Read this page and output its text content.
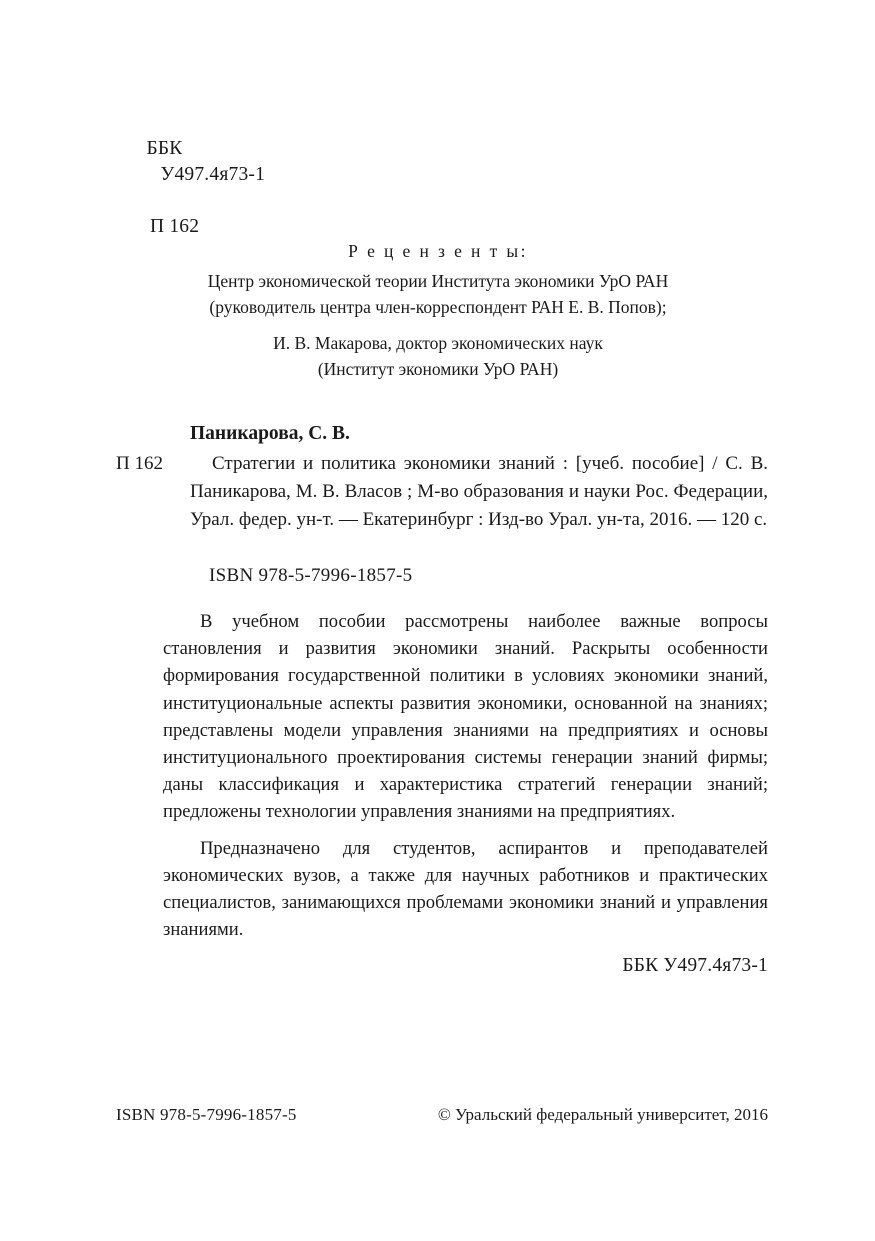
ББК
У497.4я73-1

П 162
Р е ц е н з е н т ы:
Центр экономической теории Института экономики УрО РАН
(руководитель центра член-корреспондент РАН Е. В. Попов);
И. В. Макарова, доктор экономических наук
(Институт экономики УрО РАН)
Паникарова, С. В.
П 162	Стратегии и политика экономики знаний : [учеб. пособие] / С. В. Паникарова, М. В. Власов ; М-во образования и науки Рос. Федерации, Урал. федер. ун-т. — Екатеринбург : Изд-во Урал. ун-та, 2016. — 120 с.
ISBN 978-5-7996-1857-5

В учебном пособии рассмотрены наиболее важные вопросы становления и развития экономики знаний. Раскрыты особенности формирования государственной политики в условиях экономики знаний, институциональные аспекты развития экономики, основанной на знаниях; представлены модели управления знаниями на предприятиях и основы институционального проектирования системы генерации знаний фирмы; даны классификация и характеристика стратегий генерации знаний; предложены технологии управления знаниями на предприятиях.

Предназначено для студентов, аспирантов и преподавателей экономических вузов, а также для научных работников и практических специалистов, занимающихся проблемами экономики знаний и управления знаниями.

ББК У497.4я73-1
ISBN 978-5-7996-1857-5	© Уральский федеральный университет, 2016
